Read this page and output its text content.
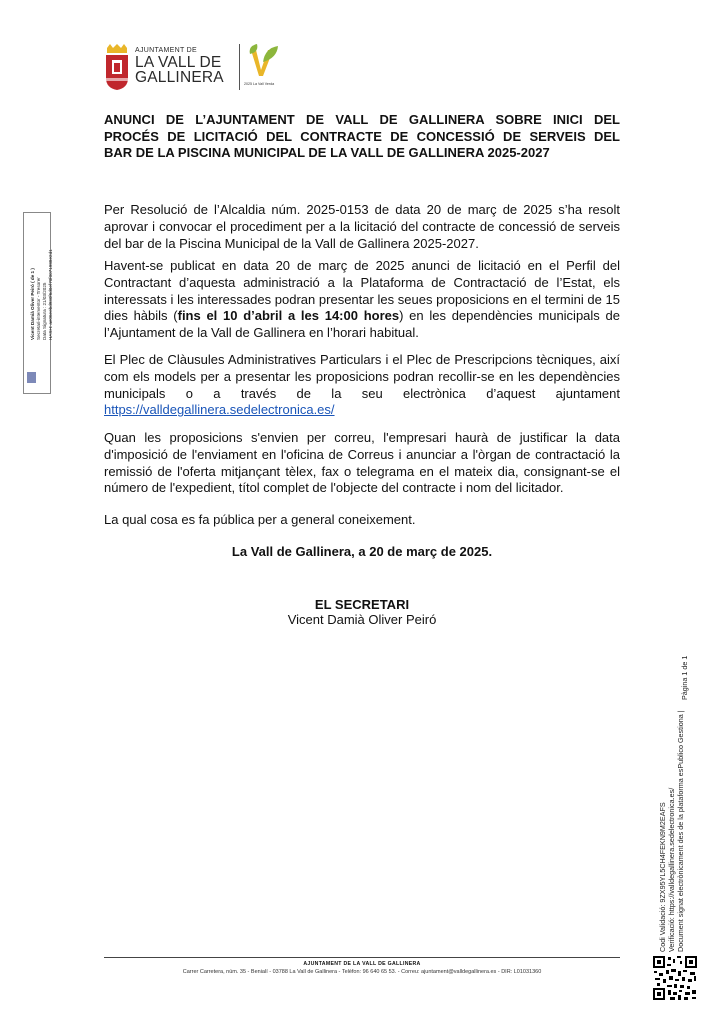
AJUNTAMENT DE
LA VALL DE
GALLINERA	2025 La Vall Verda
ANUNCI DE L’AJUNTAMENT DE VALL DE GALLINERA SOBRE INICI DEL
PROCÉS DE LICITACIÓ DEL CONTRACTE DE CONCESSIÓ DE SERVEIS DEL
BAR DE LA PISCINA MUNICIPAL DE LA VALL DE GALLINERA 2025-2027
Per Resolució de l’Alcaldia núm. 2025-0153 de data 20 de març de 2025 s’ha resolt aprovar i convocar el procediment per a la licitació del contracte de concessió de serveis del bar de la Piscina Municipal de la Vall de Gallinera 2025-2027.
Havent-se publicat en data 20 de març de 2025 anunci de licitació en el Perfil del Contractant d’aquesta administració a la Plataforma de Contractació de l’Estat, els interessats i les interessades podran presentar les seues proposicions en el termini de 15 dies hàbils (fins el 10 d’abril a les 14:00 hores) en les dependències municipals de l’Ajuntament de la Vall de Gallinera en l’horari habitual.
El Plec de Clàusules Administratives Particulars i el Plec de Prescripcions tècniques, així com els models per a presentar les proposicions podran recollir-se en les dependències municipals o a través de la seu electrònica d’aquest ajuntament https://valldegallinera.sedelectronica.es/
Quan les proposicions s'envien per correu, l'empresari haurà de justificar la data d'imposició de l'enviament en l'oficina de Correus i anunciar a l'òrgan de contractació la remissió de l'oferta mitjançant tèlex, fax o telegrama en el mateix dia, consignant-se el número de l'expedient, títol complet de l'objecte del contracte i nom del licitador.
La qual cosa es fa pública per a general coneixement.
La Vall de Gallinera, a 20 de març de 2025.
EL SECRETARI
Vicent Damià Oliver Peiró
AJUNTAMENT DE LA VALL DE GALLINERA
Carrer Carretera, núm. 35 - Benialí - 03788 La Vall de Gallinera - Telèfon: 96 640 65 53. - Correu: ajuntament@valldegallinera.es - DIR: L01031360
Vicent Damià Oliver Peiró ( de 1 ) Secretari-interventor - Tresorer Data Signatura : 21/03/2025 HASH: ae06eebd930f6d0ef70f0071988e2d1
Codi Validació: 9ZX95YL5CH4FEKN9M2EAFS Verificació: https://valldegallinera.sedelectronica.es/ Document signat electrònicament des de la plataforma esPublico Gestiona |
Pàgina 1 de 1
